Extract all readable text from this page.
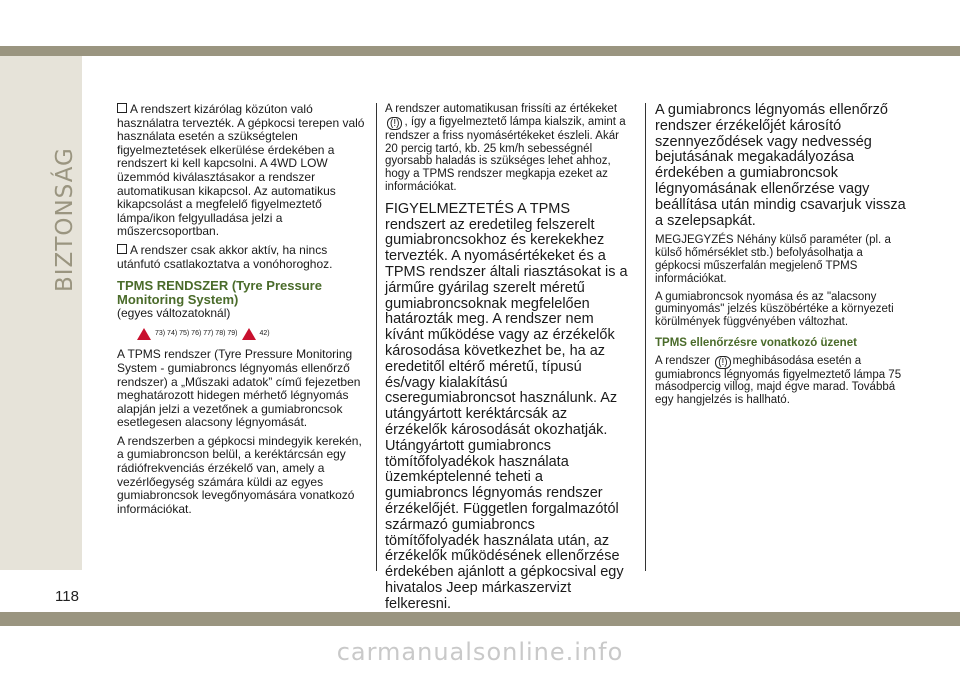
BIZTONSÁG

A rendszert kizárólag közúton való használatra tervezték. A gépkocsi terepen való használata esetén a szükségtelen figyelmeztetések elkerülése érdekében a rendszert ki kell kapcsolni. A 4WD LOW üzemmód kiválasztásakor a rendszer automatikusan kikapcsol. Az automatikus kikapcsolást a megfelelő figyelmeztető lámpa/ikon felgyulladása jelzi a műszercsoportban.

A rendszer csak akkor aktív, ha nincs utánfutó csatlakoztatva a vonóhoroghoz.

TPMS RENDSZER (Tyre Pressure Monitoring System)

(egyes változatoknál)

73) 74) 75) 76) 77) 78) 79)	42)

A TPMS rendszer (Tyre Pressure Monitoring System - gumiabroncs légnyomás ellenőrző rendszer) a „Műszaki adatok” című fejezetben meghatározott hidegen mérhető légnyomás alapján jelzi a vezetőnek a gumiabroncsok esetlegesen alacsony légnyomását.

A rendszerben a gépkocsi mindegyik kerekén, a gumiabroncson belül, a keréktárcsán egy rádiófrekvenciás érzékelő van, amely a vezérlőegység számára küldi az egyes gumiabroncsok levegőnyomására vonatkozó információkat.

A rendszer automatikusan frissíti az értékeket (!) , így a figyelmeztető lámpa kialszik, amint a rendszer a friss nyomásértékeket észleli. Akár 20 percig tartó, kb. 25 km/h sebességnél gyorsabb haladás is szükséges lehet ahhoz, hogy a TPMS rendszer megkapja ezeket az információkat.

FIGYELMEZTETÉS A TPMS rendszert az eredetileg felszerelt gumiabroncsokhoz és kerekekhez tervezték. A nyomásértékeket és a TPMS rendszer általi riasztásokat is a járműre gyárilag szerelt méretű gumiabroncsoknak megfelelően határozták meg. A rendszer nem kívánt működése vagy az érzékelők károsodása következhet be, ha az eredetitől eltérő méretű, típusú és/vagy kialakítású cseregumiabroncsot használunk. Az utángyártott keréktárcsák az érzékelők károsodását okozhatják. Utángyártott gumiabroncs tömítőfolyadékok használata üzemképtelenné teheti a gumiabroncs légnyomás rendszer érzékelőjét. Független forgalmazótól származó gumiabroncs tömítőfolyadék használata után, az érzékelők működésének ellenőrzése érdekében ajánlott a gépkocsival egy hivatalos Jeep márkaszervizt felkeresni.

A gumiabroncs légnyomás ellenőrző rendszer érzékelőjét károsító szennyeződések vagy nedvesség bejutásának megakadályozása érdekében a gumiabroncsok légnyomásának ellenőrzése vagy beállítása után mindig csavarjuk vissza a szelepsapkát.

MEGJEGYZÉS Néhány külső paraméter (pl. a külső hőmérséklet stb.) befolyásolhatja a gépkocsi műszerfalán megjelenő TPMS információkat.

A gumiabroncsok nyomása és az "alacsony guminyomás" jelzés küszöbértéke a környezeti körülmények függvényében változhat.

TPMS ellenőrzésre vonatkozó üzenet

A rendszer (!) meghibásodása esetén a gumiabroncs légnyomás figyelmeztető lámpa 75 másodpercig villog, majd égve marad. Továbbá egy hangjelzés is hallható.

118
carmanualsonline.info
